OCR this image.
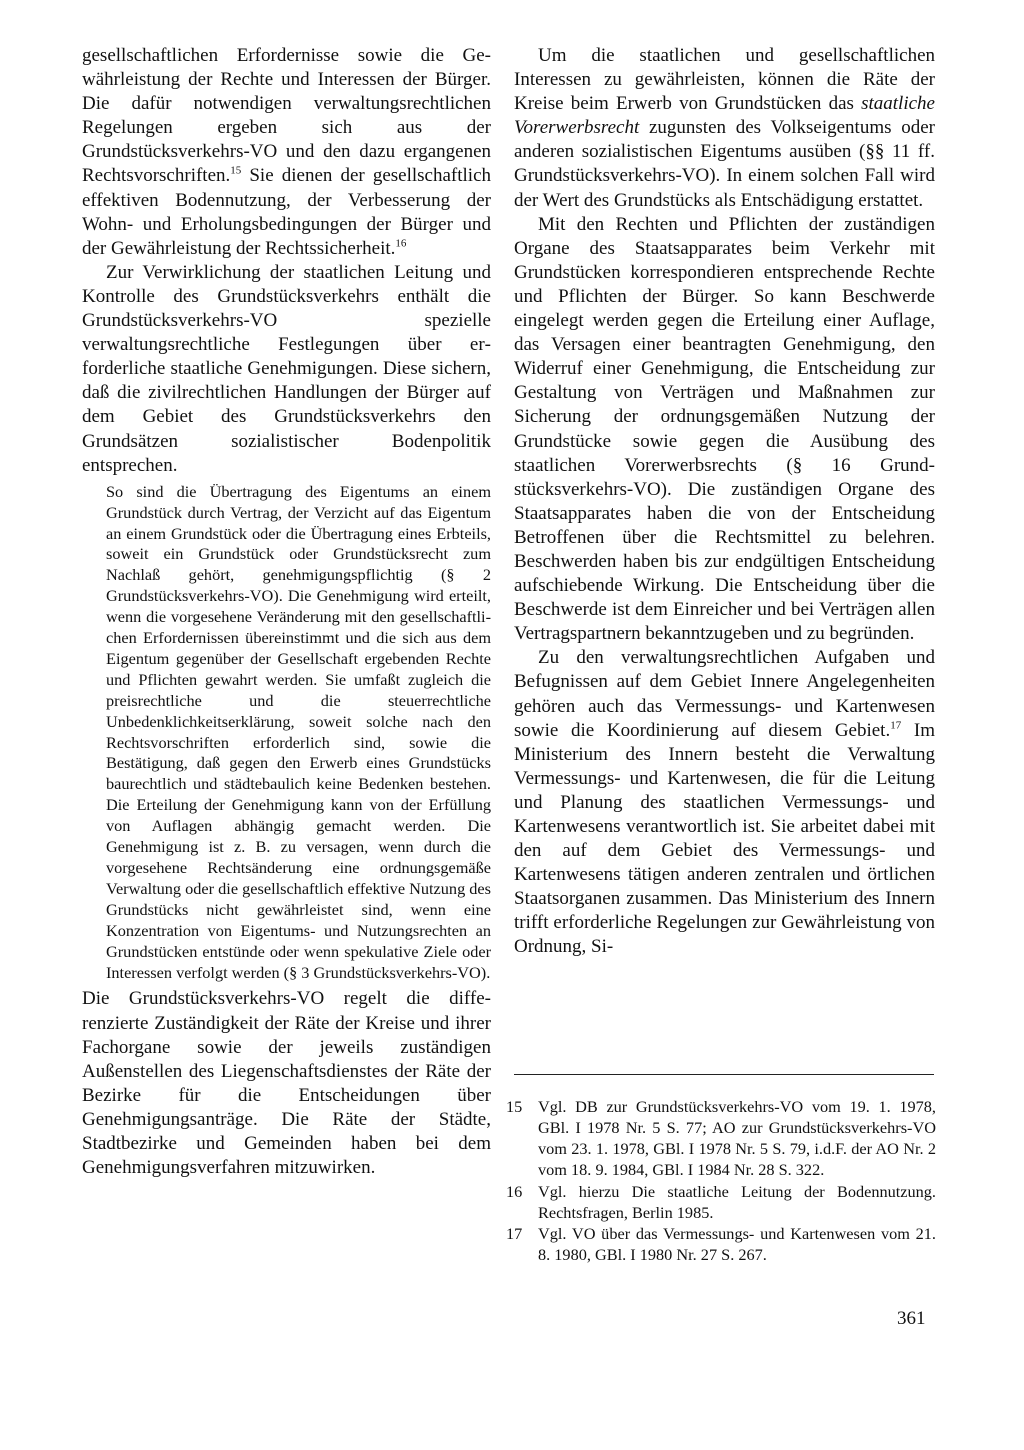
gesellschaftlichen Erfordernisse sowie die Gewährleistung der Rechte und Interessen der Bürger. Die dafür notwendigen verwaltungsrechtlichen Regelungen ergeben sich aus der Grundstücksverkehrs-VO und den dazu ergangenen Rechtsvorschriften.$^{15}$ Sie dienen der gesellschaftlich effektiven Bodennutzung, der Verbesserung der Wohn- und Erholungsbedingungen der Bürger und der Gewährleistung der Rechtssicherheit.$^{16}$

Zur Verwirklichung der staatlichen Leitung und Kontrolle des Grundstücksverkehrs enthält die Grundstücksverkehrs-VO spezielle verwaltungsrechtliche Festlegungen über erforderliche staatliche Genehmigungen. Diese sichern, daß die zivilrechtlichen Handlungen der Bürger auf dem Gebiet des Grundstücksverkehrs den Grundsätzen sozialistischer Bodenpolitik entsprechen.

So sind die Übertragung des Eigentums an einem Grundstück durch Vertrag, der Verzicht auf das Eigentum an einem Grundstück oder die Übertragung eines Erbteils, soweit ein Grundstück oder Grundstücksrecht zum Nachlaß gehört, genehmigungspflichtig (§ 2 Grundstücksverkehrs-VO). Die Genehmigung wird erteilt, wenn die vorgesehene Veränderung mit den gesellschaftlichen Erfordernissen übereinstimmt und die sich aus dem Eigentum gegenüber der Gesellschaft ergebenden Rechte und Pflichten gewahrt werden. Sie umfaßt zugleich die preisrechtliche und die steuerrechtliche Unbedenklichkeitserklärung, soweit solche nach den Rechtsvorschriften erforderlich sind, sowie die Bestätigung, daß gegen den Erwerb eines Grundstücks baurechtlich und städtebaulich keine Bedenken bestehen. Die Erteilung der Genehmigung kann von der Erfüllung von Auflagen abhängig gemacht werden. Die Genehmigung ist z. B. zu versagen, wenn durch die vorgesehene Rechtsänderung eine ordnungsgemäße Verwaltung oder die gesellschaftlich effektive Nutzung des Grundstücks nicht gewährleistet sind, wenn eine Konzentration von Eigentums- und Nutzungsrechten an Grundstücken entstünde oder wenn spekulative Ziele oder Interessen verfolgt werden (§ 3 Grundstücksverkehrs-VO).

Die Grundstücksverkehrs-VO regelt die differenzierte Zuständigkeit der Räte der Kreise und ihrer Fachorgane sowie der jeweils zuständigen Außenstellen des Liegenschaftsdienstes der Räte der Bezirke für die Entscheidungen über Genehmigungsanträge. Die Räte der Städte, Stadtbezirke und Gemeinden haben bei dem Genehmigungsverfahren mitzuwirken.

Um die staatlichen und gesellschaftlichen Interessen zu gewährleisten, können die Räte der Kreise beim Erwerb von Grundstücken das staatliche Vorerwerbsrecht zugunsten des Volkseigentums oder anderen sozialistischen Eigentums ausüben (§§ 11 ff. Grundstücksverkehrs-VO). In einem solchen Fall wird der Wert des Grundstücks als Entschädigung erstattet.

Mit den Rechten und Pflichten der zuständigen Organe des Staatsapparates beim Verkehr mit Grundstücken korrespondieren entsprechende Rechte und Pflichten der Bürger. So kann Beschwerde eingelegt werden gegen die Erteilung einer Auflage, das Versagen einer beantragten Genehmigung, den Widerruf einer Genehmigung, die Entscheidung zur Gestaltung von Verträgen und Maßnahmen zur Sicherung der ordnungsgemäßen Nutzung der Grundstücke sowie gegen die Ausübung des staatlichen Vorerwerbsrechts (§ 16 Grundstücksverkehrs-VO). Die zuständigen Organe des Staatsapparates haben die von der Entscheidung Betroffenen über die Rechtsmittel zu belehren. Beschwerden haben bis zur endgültigen Entscheidung aufschiebende Wirkung. Die Entscheidung über die Beschwerde ist dem Einreicher und bei Verträgen allen Vertragspartnern bekanntzugeben und zu begründen.

Zu den verwaltungsrechtlichen Aufgaben und Befugnissen auf dem Gebiet Innere Angelegenheiten gehören auch das Vermessungs- und Kartenwesen sowie die Koordinierung auf diesem Gebiet.$^{17}$ Im Ministerium des Innern besteht die Verwaltung Vermessungs- und Kartenwesen, die für die Leitung und Planung des staatlichen Vermessungs- und Kartenwesens verantwortlich ist. Sie arbeitet dabei mit den auf dem Gebiet des Vermessungs- und Kartenwesens tätigen anderen zentralen und örtlichen Staatsorganen zusammen. Das Ministerium des Innern trifft erforderliche Regelungen zur Gewährleistung von Ordnung, Si-

15 Vgl. DB zur Grundstücksverkehrs-VO vom 19. 1. 1978, GBl. I 1978 Nr. 5 S. 77; AO zur Grundstücksverkehrs-VO vom 23. 1. 1978, GBl. I 1978 Nr. 5 S. 79, i.d.F. der AO Nr. 2 vom 18. 9. 1984, GBl. I 1984 Nr. 28 S. 322.
16 Vgl. hierzu Die staatliche Leitung der Bodennutzung. Rechtsfragen, Berlin 1985.
17 Vgl. VO über das Vermessungs- und Kartenwesen vom 21. 8. 1980, GBl. I 1980 Nr. 27 S. 267.
361
